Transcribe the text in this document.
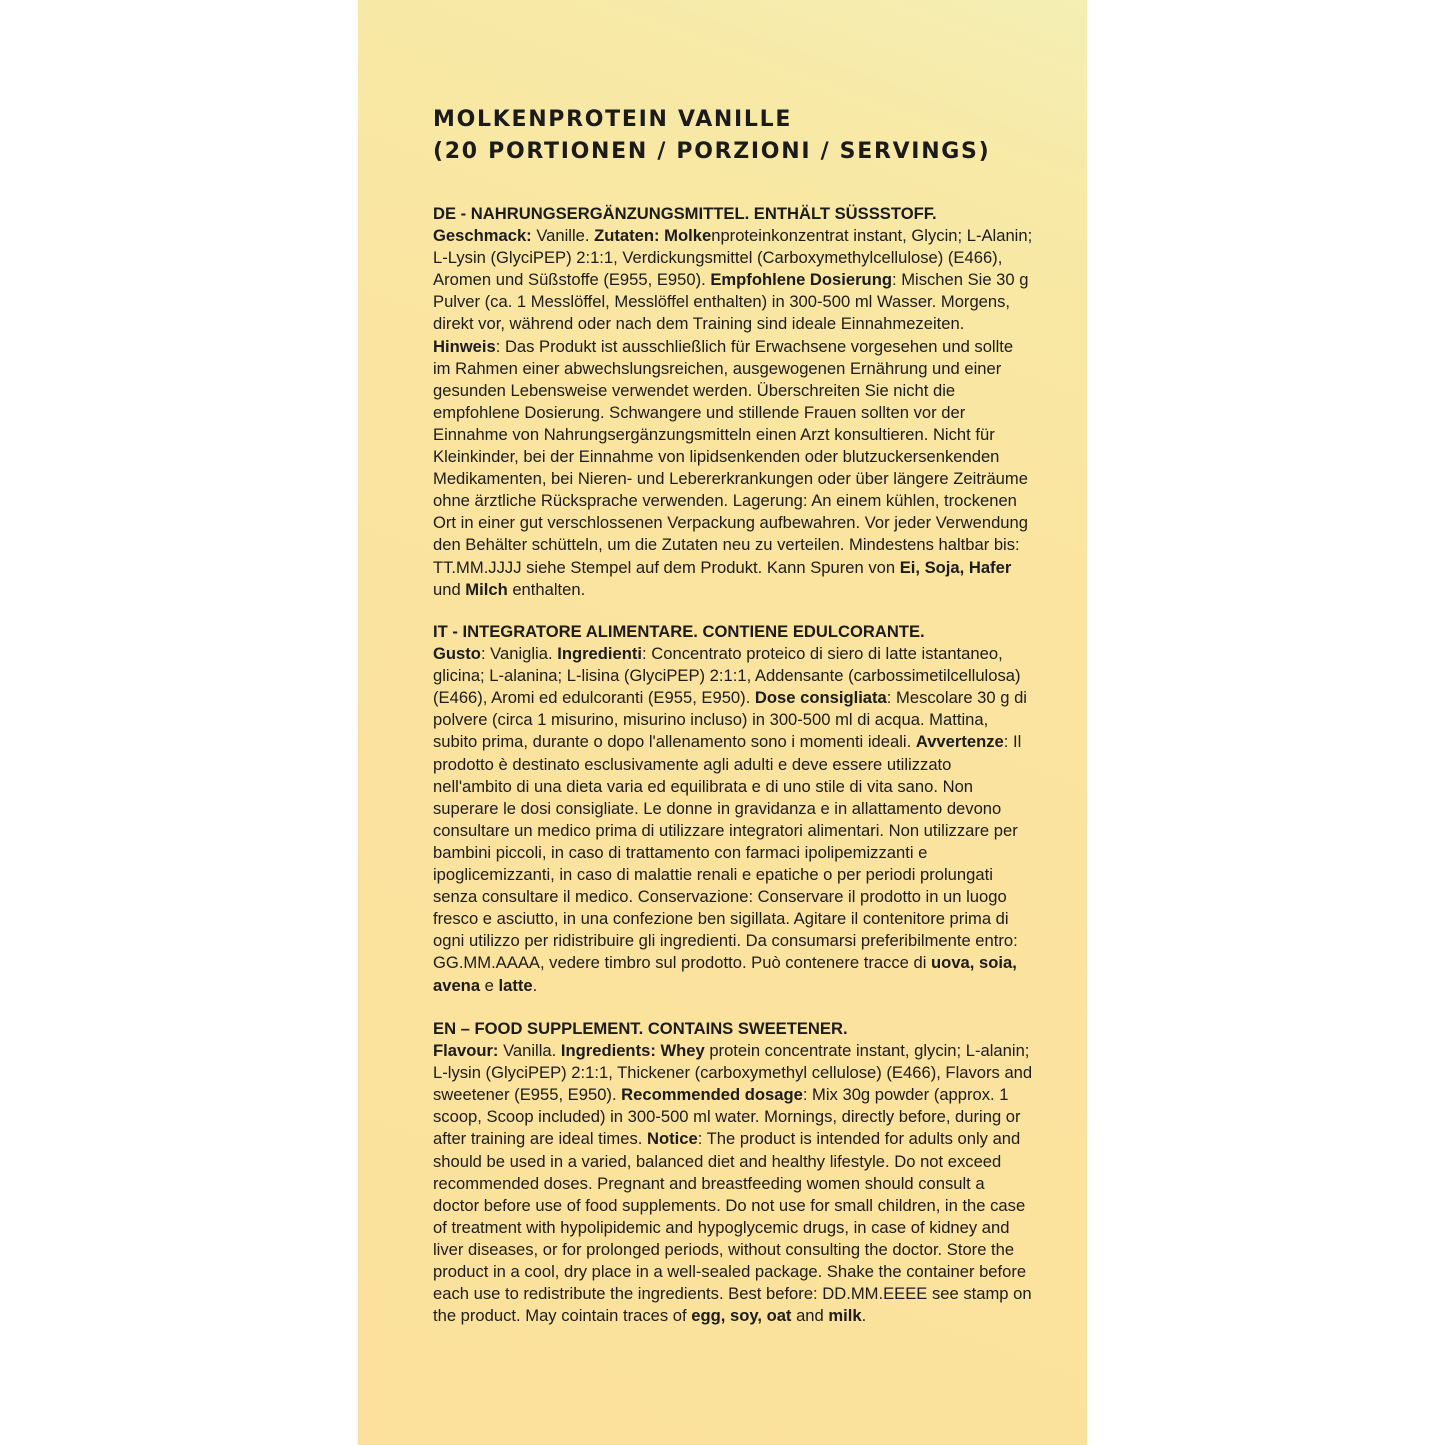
MOLKENPROTEIN VANILLE
(20 PORTIONEN / PORZIONI / SERVINGS)
DE - NAHRUNGSERGÄNZUNGSMITTEL. ENTHÄLT SÜSSSTOFF.

Geschmack: Vanille. Zutaten: Molkenproteinkonzentrat instant, Glycin; L-Alanin; L-Lysin (GlyciPEP) 2:1:1, Verdickungsmittel (Carboxymethylcellulose) (E466), Aromen und Süßstoffe (E955, E950). Empfohlene Dosierung: Mischen Sie 30 g Pulver (ca. 1 Messlöffel, Messlöffel enthalten) in 300-500 ml Wasser. Morgens, direkt vor, während oder nach dem Training sind ideale Einnahmezeiten. Hinweis: Das Produkt ist ausschließlich für Erwachsene vorgesehen und sollte im Rahmen einer abwechslungsreichen, ausgewogenen Ernährung und einer gesunden Lebensweise verwendet werden. Überschreiten Sie nicht die empfohlene Dosierung. Schwangere und stillende Frauen sollten vor der Einnahme von Nahrungsergänzungsmitteln einen Arzt konsultieren. Nicht für Kleinkinder, bei der Einnahme von lipidsenkenden oder blutzuckersenkenden Medikamenten, bei Nieren- und Lebererkrankungen oder über längere Zeiträume ohne ärztliche Rücksprache verwenden. Lagerung: An einem kühlen, trockenen Ort in einer gut verschlossenen Verpackung aufbewahren. Vor jeder Verwendung den Behälter schütteln, um die Zutaten neu zu verteilen. Mindestens haltbar bis: TT.MM.JJJJ siehe Stempel auf dem Produkt. Kann Spuren von Ei, Soja, Hafer und Milch enthalten.

IT - INTEGRATORE ALIMENTARE. CONTIENE EDULCORANTE.

Gusto: Vaniglia. Ingredienti: Concentrato proteico di siero di latte istantaneo, glicina; L-alanina; L-lisina (GlyciPEP) 2:1:1, Addensante (carbossimetilcellulosa) (E466), Aromi ed edulcoranti (E955, E950). Dose consigliata: Mescolare 30 g di polvere (circa 1 misurino, misurino incluso) in 300-500 ml di acqua. Mattina, subito prima, durante o dopo l'allenamento sono i momenti ideali. Avvertenze: Il prodotto è destinato esclusivamente agli adulti e deve essere utilizzato nell'ambito di una dieta varia ed equilibrata e di uno stile di vita sano. Non superare le dosi consigliate. Le donne in gravidanza e in allattamento devono consultare un medico prima di utilizzare integratori alimentari. Non utilizzare per bambini piccoli, in caso di trattamento con farmaci ipolipemizzanti e ipoglicemizzanti, in caso di malattie renali e epatiche o per periodi prolungati senza consultare il medico. Conservazione: Conservare il prodotto in un luogo fresco e asciutto, in una confezione ben sigillata. Agitare il contenitore prima di ogni utilizzo per ridistribuire gli ingredienti. Da consumarsi preferibilmente entro: GG.MM.AAAA, vedere timbro sul prodotto. Può contenere tracce di uova, soia, avena e latte.

EN – FOOD SUPPLEMENT. CONTAINS SWEETENER.

Flavour: Vanilla. Ingredients: Whey protein concentrate instant, glycin; L-alanin; L-lysin (GlyciPEP) 2:1:1, Thickener (carboxymethyl cellulose) (E466), Flavors and sweetener (E955, E950). Recommended dosage: Mix 30g powder (approx. 1 scoop, Scoop included) in 300-500 ml water. Mornings, directly before, during or after training are ideal times. Notice: The product is intended for adults only and should be used in a varied, balanced diet and healthy lifestyle. Do not exceed recommended doses. Pregnant and breastfeeding women should consult a doctor before use of food supplements. Do not use for small children, in the case of treatment with hypolipidemic and hypoglycemic drugs, in case of kidney and liver diseases, or for prolonged periods, without consulting the doctor. Store the product in a cool, dry place in a well-sealed package. Shake the container before each use to redistribute the ingredients. Best before: DD.MM.EEEE see stamp on the product. May cointain traces of egg, soy, oat and milk.
